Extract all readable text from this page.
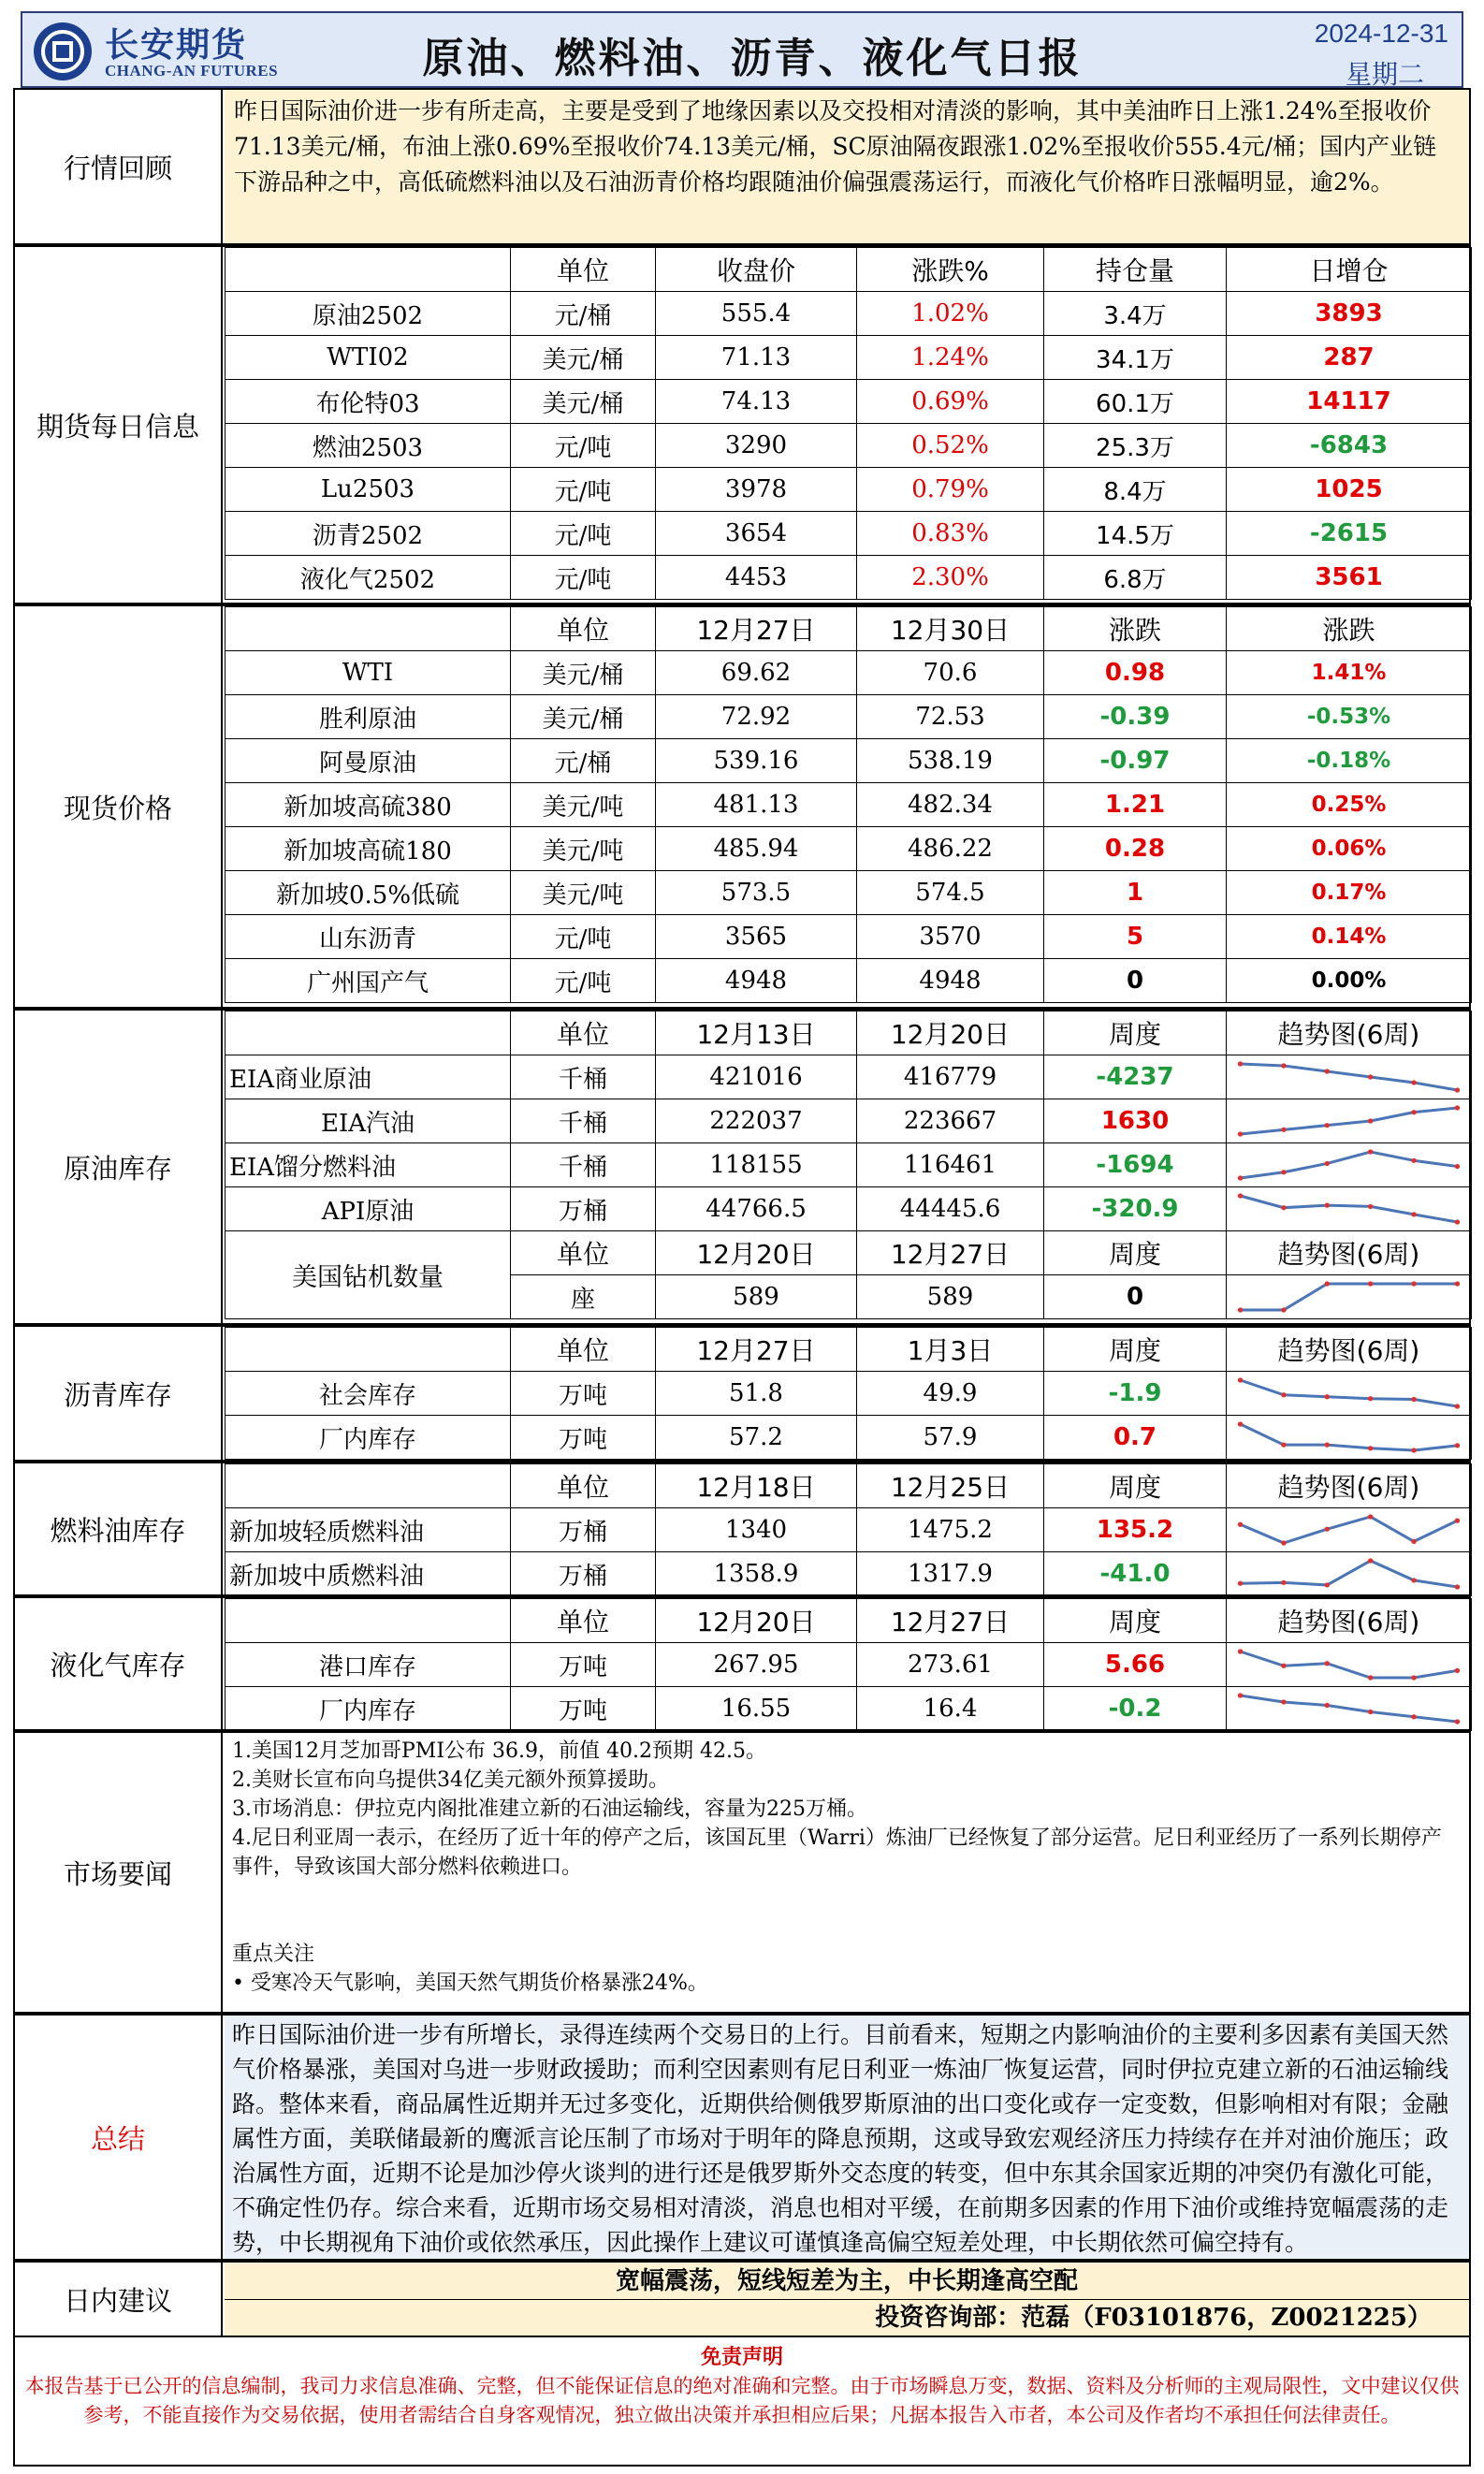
长安期货
CHANG-AN FUTURES	原油、燃料油、沥青、液化气日报
2024-12-31
星期二
行情回顾
昨日国际油价进一步有所走高，主要是受到了地缘因素以及交投相对清淡的影响，其中美油昨日上涨1.24%至报收价71.13美元/桶，布油上涨0.69%至报收价74.13美元/桶，SC原油隔夜跟涨1.02%至报收价555.4元/桶；国内产业链下游品种之中，高低硫燃料油以及石油沥青价格均跟随油价偏强震荡运行，而液化气价格昨日涨幅明显，逾2%。
期货每日信息
	单位	收盘价	涨跌%	持仓量	日增仓
原油2502	元/桶	555.4	1.02%	3.4万	3893
WTI02	美元/桶	71.13	1.24%	34.1万	287
布伦特03	美元/桶	74.13	0.69%	60.1万	14117
燃油2503	元/吨	3290	0.52%	25.3万	-6843
Lu2503	元/吨	3978	0.79%	8.4万	1025
沥青2502	元/吨	3654	0.83%	14.5万	-2615
液化气2502	元/吨	4453	2.30%	6.8万	3561
现货价格
	单位	12月27日	12月30日	涨跌	涨跌
WTI	美元/桶	69.62	70.6	0.98	1.41%
胜利原油	美元/桶	72.92	72.53	-0.39	-0.53%
阿曼原油	元/桶	539.16	538.19	-0.97	-0.18%
新加坡高硫380	美元/吨	481.13	482.34	1.21	0.25%
新加坡高硫180	美元/吨	485.94	486.22	0.28	0.06%
新加坡0.5%低硫	美元/吨	573.5	574.5	1	0.17%
山东沥青	元/吨	3565	3570	5	0.14%
广州国产气	元/吨	4948	4948	0	0.00%
原油库存
	单位	12月13日	12月20日	周度	趋势图(6周)
EIA商业原油	千桶	421016	416779	-4237	

EIA汽油	千桶	222037	223667	1630	

EIA馏分燃料油	千桶	118155	116461	-1694	

API原油	万桶	44766.5	44445.6	-320.9	

美国钻机数量	单位	12月20日	12月27日	周度	趋势图(6周)
	座	589	589	0	
沥青库存
	单位	12月27日	1月3日	周度	趋势图(6周)
社会库存	万吨	51.8	49.9	-1.9	

厂内库存	万吨	57.2	57.9	0.7	
燃料油库存
	单位	12月18日	12月25日	周度	趋势图(6周)
新加坡轻质燃料油	万桶	1340	1475.2	135.2	

新加坡中质燃料油	万桶	1358.9	1317.9	-41.0	
液化气库存
	单位	12月20日	12月27日	周度	趋势图(6周)
港口库存	万吨	267.95	273.61	5.66	

厂内库存	万吨	16.55	16.4	-0.2	
市场要闻
1.美国12月芝加哥PMI公布 36.9，前值 40.2预期 42.5。
2.美财长宣布向乌提供34亿美元额外预算援助。
3.市场消息：伊拉克内阁批准建立新的石油运输线，容量为225万桶。
4.尼日利亚周一表示，在经历了近十年的停产之后，该国瓦里（Warri）炼油厂已经恢复了部分运营。尼日利亚经历了一系列长期停产事件，导致该国大部分燃料依赖进口。
重点关注
• 受寒冷天气影响，美国天然气期货价格暴涨24%。
总结
昨日国际油价进一步有所增长，录得连续两个交易日的上行。目前看来，短期之内影响油价的主要利多因素有美国天然气价格暴涨，美国对乌进一步财政援助；而利空因素则有尼日利亚一炼油厂恢复运营，同时伊拉克建立新的石油运输线路。整体来看，商品属性近期并无过多变化，近期供给侧俄罗斯原油的出口变化或存一定变数，但影响相对有限；金融属性方面，美联储最新的鹰派言论压制了市场对于明年的降息预期，这或导致宏观经济压力持续存在并对油价施压；政治属性方面，近期不论是加沙停火谈判的进行还是俄罗斯外交态度的转变，但中东其余国家近期的冲突仍有激化可能，不确定性仍存。综合来看，近期市场交易相对清淡，消息也相对平缓，在前期多因素的作用下油价或维持宽幅震荡的走势，中长期视角下油价或依然承压，因此操作上建议可谨慎逢高偏空短差处理，中长期依然可偏空持有。
日内建议
宽幅震荡，短线短差为主，中长期逢高空配
投资咨询部：范磊（F03101876，Z0021225）
免责声明
本报告基于已公开的信息编制，我司力求信息准确、完整，但不能保证信息的绝对准确和完整。由于市场瞬息万变，数据、资料及分析师的主观局限性，文中建议仅供参考，不能直接作为交易依据，使用者需结合自身客观情况，独立做出决策并承担相应后果；凡据本报告入市者，本公司及作者均不承担任何法律责任。
